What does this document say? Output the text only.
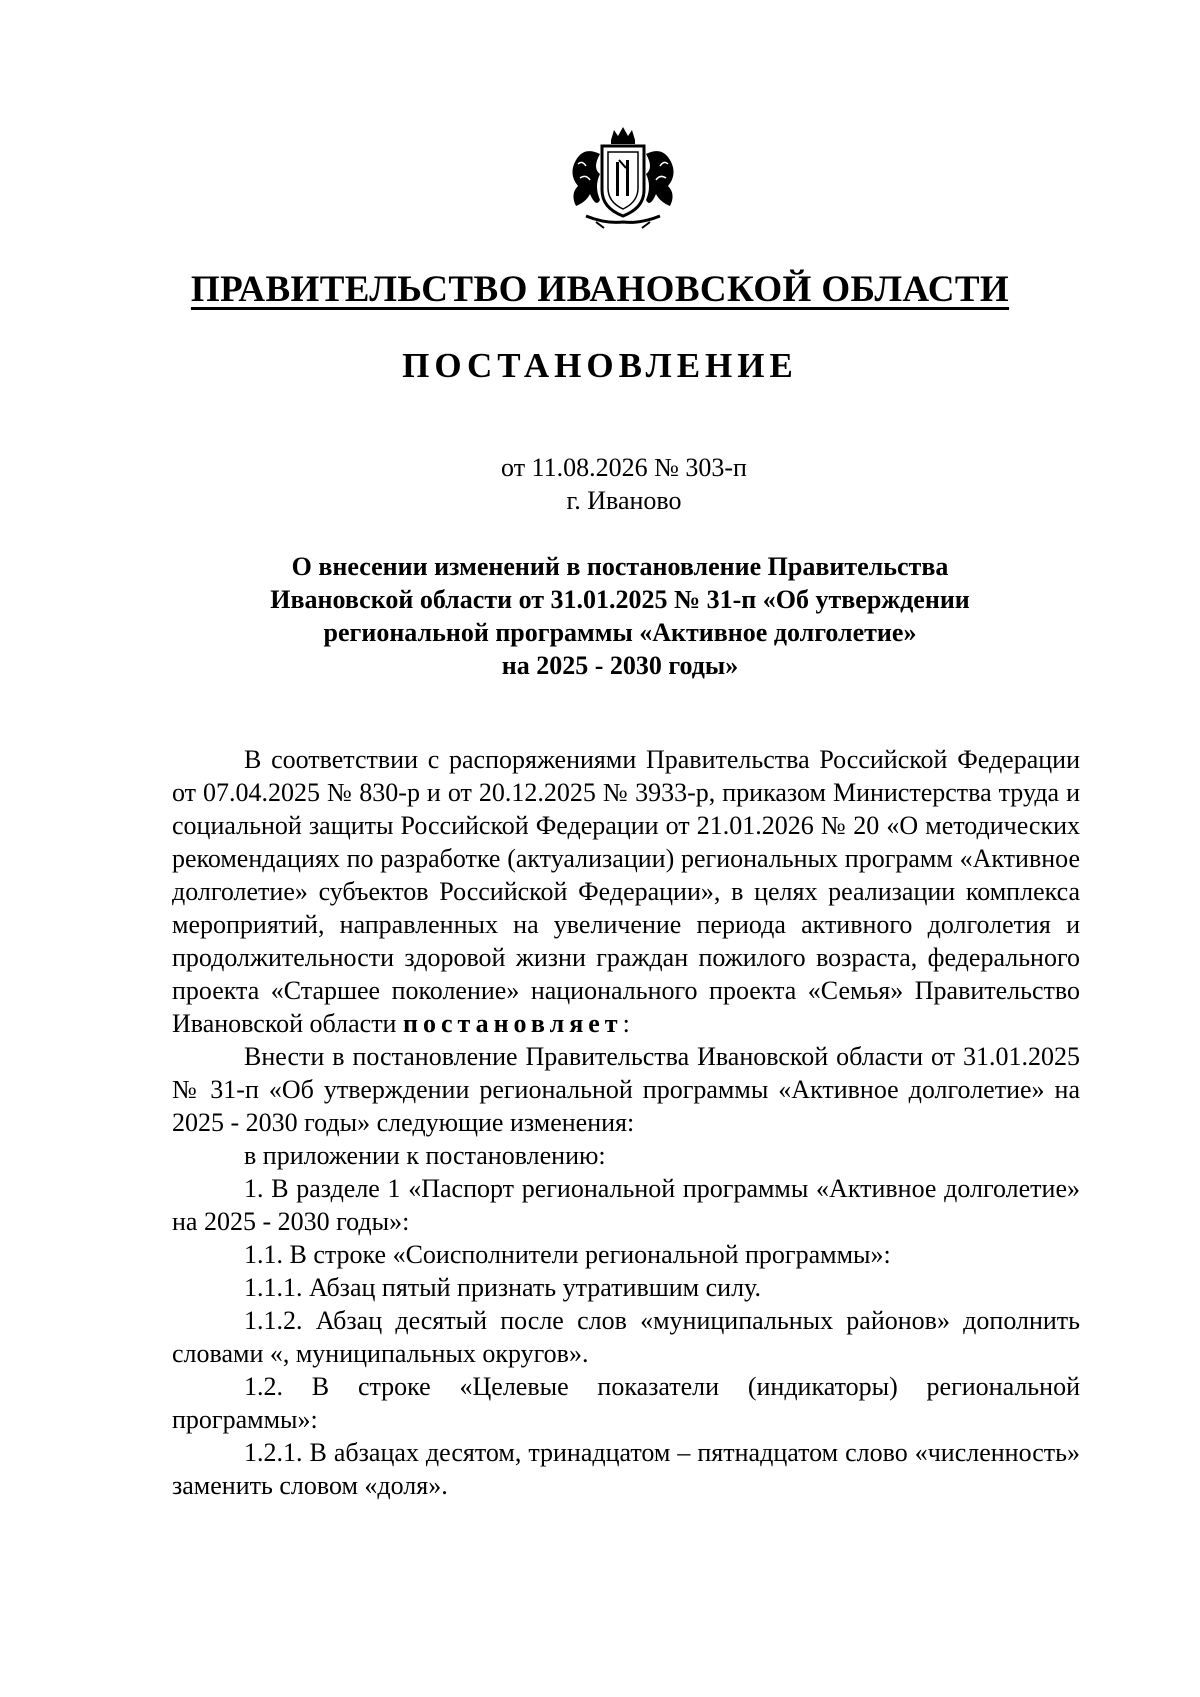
ПРАВИТЕЛЬСТВО ИВАНОВСКОЙ ОБЛАСТИ
ПОСТАНОВЛЕНИЕ
от 11.08.2026 № 303-п
г. Иваново
О внесении изменений в постановление Правительства
Ивановской области от 31.01.2025 № 31-п «Об утверждении
региональной программы «Активное долголетие»
на 2025 - 2030 годы»

В соответствии с распоряжениями Правительства Российской Федерации от 07.04.2025 № 830-р и от 20.12.2025 № 3933-р, приказом Министерства труда и социальной защиты Российской Федерации от 21.01.2026 № 20 «О методических рекомендациях по разработке (актуализации) региональных программ «Активное долголетие» субъектов Российской Федерации», в целях реализации комплекса мероприятий, направленных на увеличение периода активного долголетия и продолжительности здоровой жизни граждан пожилого возраста, федерального проекта «Старшее поколение» национального проекта «Семья» Правительство Ивановской области постановляет:

Внести в постановление Правительства Ивановской области от 31.01.2025 № 31-п «Об утверждении региональной программы «Активное долголетие» на 2025 - 2030 годы» следующие изменения:

в приложении к постановлению:

1. В разделе 1 «Паспорт региональной программы «Активное долголетие» на 2025 - 2030 годы»:

1.1. В строке «Соисполнители региональной программы»:

1.1.1. Абзац пятый признать утратившим силу.

1.1.2. Абзац десятый после слов «муниципальных районов» дополнить словами «, муниципальных округов».

1.2. В строке «Целевые показатели (индикаторы) региональной программы»:

1.2.1. В абзацах десятом, тринадцатом – пятнадцатом слово «численность» заменить словом «доля».
